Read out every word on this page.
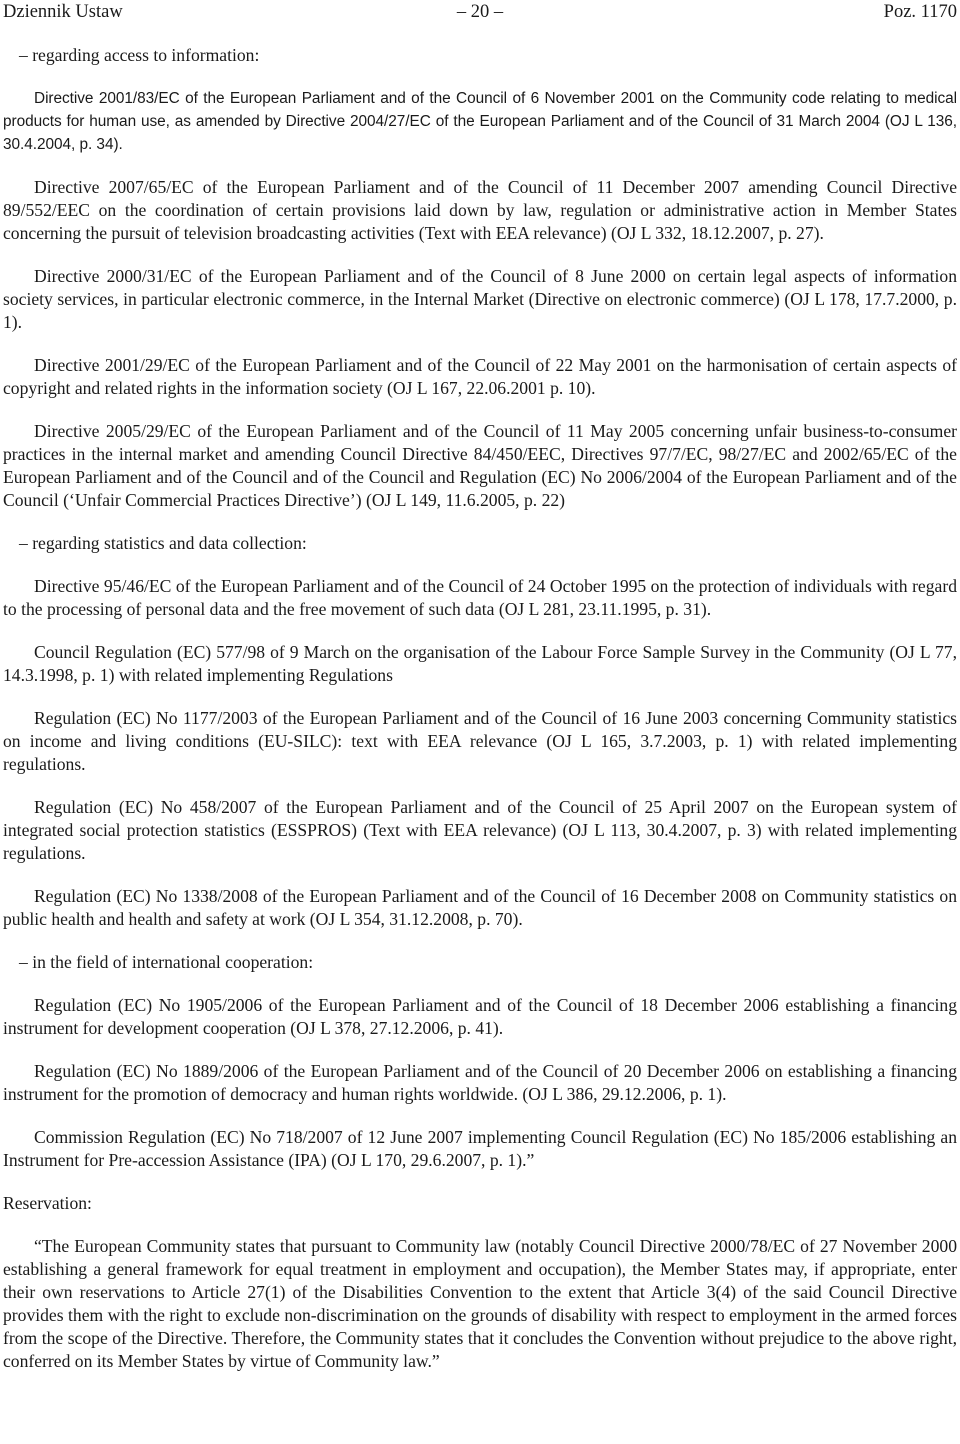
Dziennik Ustaw	– 20 –	Poz. 1170

– regarding access to information:

Directive 2001/83/EC of the European Parliament and of the Council of 6 November 2001 on the Community code relating to medical products for human use, as amended by Directive 2004/27/EC of the European Parliament and of the Council of 31 March 2004 (OJ L 136, 30.4.2004, p. 34).

Directive 2007/65/EC of the European Parliament and of the Council of 11 December 2007 amending Council Directive 89/552/EEC on the coordination of certain provisions laid down by law, regulation or administrative action in Member States concerning the pursuit of television broadcasting activities (Text with EEA relevance) (OJ L 332, 18.12.2007, p. 27).

Directive 2000/31/EC of the European Parliament and of the Council of 8 June 2000 on certain legal aspects of information society services, in particular electronic commerce, in the Internal Market (Directive on electronic commerce) (OJ L 178, 17.7.2000, p. 1).

Directive 2001/29/EC of the European Parliament and of the Council of 22 May 2001 on the harmonisation of certain aspects of copyright and related rights in the information society (OJ L 167, 22.06.2001 p. 10).

Directive 2005/29/EC of the European Parliament and of the Council of 11 May 2005 concerning unfair business-to-consumer practices in the internal market and amending Council Directive 84/450/EEC, Directives 97/7/EC, 98/27/EC and 2002/65/EC of the European Parliament and of the Council and of the Council and Regulation (EC) No 2006/2004 of the European Parliament and of the Council (‘Unfair Commercial Practices Directive’) (OJ L 149, 11.6.2005, p. 22)

– regarding statistics and data collection:

Directive 95/46/EC of the European Parliament and of the Council of 24 October 1995 on the protection of individuals with regard to the processing of personal data and the free movement of such data (OJ L 281, 23.11.1995, p. 31).

Council Regulation (EC) 577/98 of 9 March on the organisation of the Labour Force Sample Survey in the Community (OJ L 77, 14.3.1998, p. 1) with related implementing Regulations

Regulation (EC) No 1177/2003 of the European Parliament and of the Council of 16 June 2003 concerning Community statistics on income and living conditions (EU-SILC): text with EEA relevance (OJ L 165, 3.7.2003, p. 1) with related implementing regulations.

Regulation (EC) No 458/2007 of the European Parliament and of the Council of 25 April 2007 on the European system of integrated social protection statistics (ESSPROS) (Text with EEA relevance) (OJ L 113, 30.4.2007, p. 3) with related implementing regulations.

Regulation (EC) No 1338/2008 of the European Parliament and of the Council of 16 December 2008 on Community statistics on public health and health and safety at work (OJ L 354, 31.12.2008, p. 70).

– in the field of international cooperation:

Regulation (EC) No 1905/2006 of the European Parliament and of the Council of 18 December 2006 establishing a financing instrument for development cooperation (OJ L 378, 27.12.2006, p. 41).

Regulation (EC) No 1889/2006 of the European Parliament and of the Council of 20 December 2006 on establishing a financing instrument for the promotion of democracy and human rights worldwide. (OJ L 386, 29.12.2006, p. 1).

Commission Regulation (EC) No 718/2007 of 12 June 2007 implementing Council Regulation (EC) No 185/2006 establishing an Instrument for Pre-accession Assistance (IPA) (OJ L 170, 29.6.2007, p. 1).”

Reservation:

“The European Community states that pursuant to Community law (notably Council Directive 2000/78/EC of 27 November 2000 establishing a general framework for equal treatment in employment and occupation), the Member States may, if appropriate, enter their own reservations to Article 27(1) of the Disabilities Convention to the extent that Article 3(4) of the said Council Directive provides them with the right to exclude non-discrimination on the grounds of disability with respect to employment in the armed forces from the scope of the Directive. Therefore, the Community states that it concludes the Convention without prejudice to the above right, conferred on its Member States by virtue of Community law.”
